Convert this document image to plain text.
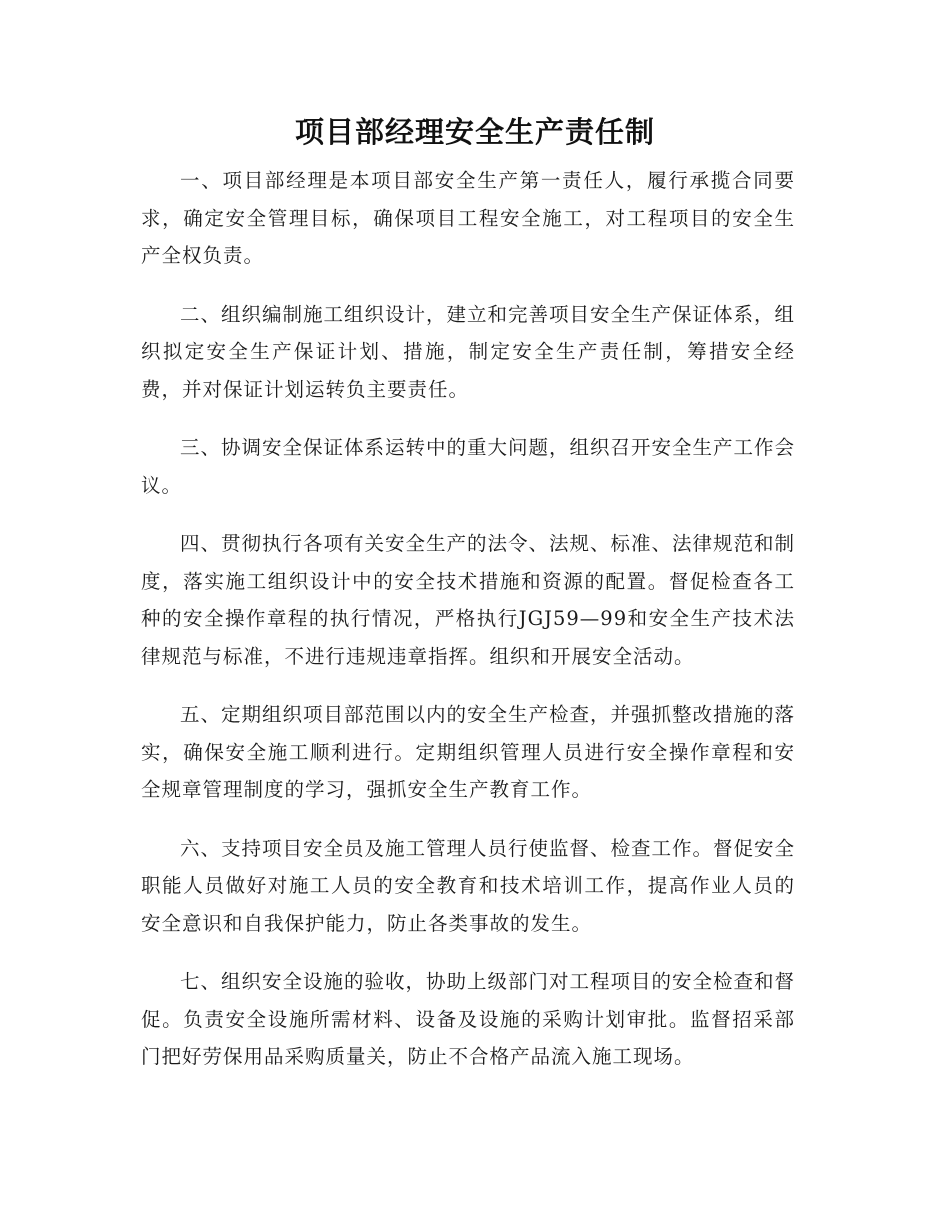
项目部经理安全生产责任制

一、项目部经理是本项目部安全生产第一责任人，履行承揽合同要求，确定安全管理目标，确保项目工程安全施工，对工程项目的安全生产全权负责。

二、组织编制施工组织设计，建立和完善项目安全生产保证体系，组织拟定安全生产保证计划、措施，制定安全生产责任制，筹措安全经费，并对保证计划运转负主要责任。

三、协调安全保证体系运转中的重大问题，组织召开安全生产工作会议。

四、贯彻执行各项有关安全生产的法令、法规、标准、法律规范和制度，落实施工组织设计中的安全技术措施和资源的配置。督促检查各工种的安全操作章程的执行情况，严格执行JGJ59—99和安全生产技术法律规范与标准，不进行违规违章指挥。组织和开展安全活动。

五、定期组织项目部范围以内的安全生产检查，并强抓整改措施的落实，确保安全施工顺利进行。定期组织管理人员进行安全操作章程和安全规章管理制度的学习，强抓安全生产教育工作。

六、支持项目安全员及施工管理人员行使监督、检查工作。督促安全职能人员做好对施工人员的安全教育和技术培训工作，提高作业人员的安全意识和自我保护能力，防止各类事故的发生。

七、组织安全设施的验收，协助上级部门对工程项目的安全检查和督促。负责安全设施所需材料、设备及设施的采购计划审批。监督招采部门把好劳保用品采购质量关，防止不合格产品流入施工现场。
